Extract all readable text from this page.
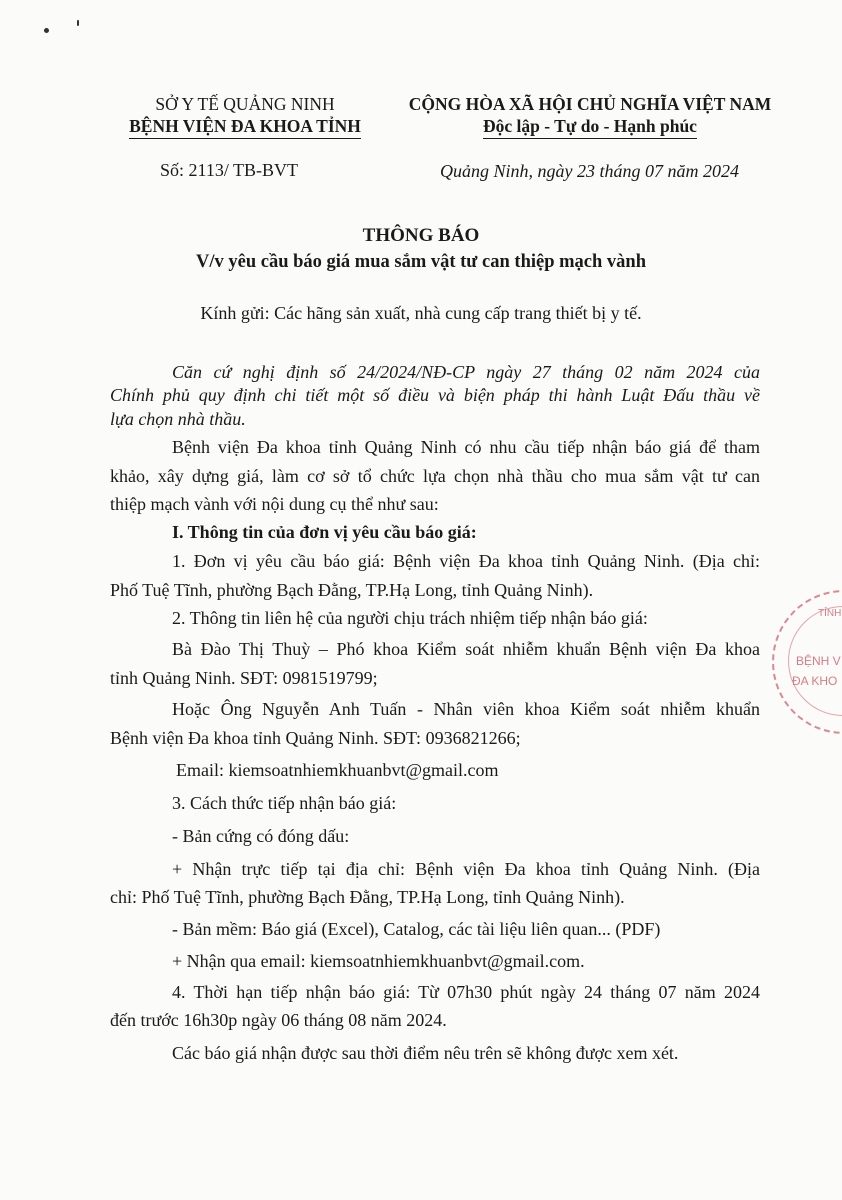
SỞ Y TẾ QUẢNG NINH
BỆNH VIỆN ĐA KHOA TỈNH
CỘNG HÒA XÃ HỘI CHỦ NGHĨA VIỆT NAM
Độc lập - Tự do - Hạnh phúc
Số: 2113/ TB-BVT	Quảng Ninh, ngày 23 tháng 07 năm 2024
THÔNG BÁO
V/v yêu cầu báo giá mua sắm vật tư can thiệp mạch vành
Kính gửi: Các hãng sản xuất, nhà cung cấp trang thiết bị y tế.
Căn cứ nghị định số 24/2024/NĐ-CP ngày 27 tháng 02 năm 2024 của
Chính phủ quy định chi tiết một số điều và biện pháp thi hành Luật Đấu thầu về
lựa chọn nhà thầu.
Bệnh viện Đa khoa tỉnh Quảng Ninh có nhu cầu tiếp nhận báo giá để tham
khảo, xây dựng giá, làm cơ sở tổ chức lựa chọn nhà thầu cho mua sắm vật tư can
thiệp mạch vành với nội dung cụ thể như sau:
I. Thông tin của đơn vị yêu cầu báo giá:
1. Đơn vị yêu cầu báo giá: Bệnh viện Đa khoa tỉnh Quảng Ninh. (Địa chỉ:
Phố Tuệ Tĩnh, phường Bạch Đằng, TP.Hạ Long, tỉnh Quảng Ninh).
2. Thông tin liên hệ của người chịu trách nhiệm tiếp nhận báo giá:
Bà Đào Thị Thuỳ – Phó khoa Kiểm soát nhiễm khuẩn Bệnh viện Đa khoa
tỉnh Quảng Ninh. SĐT: 0981519799;
Hoặc Ông Nguyễn Anh Tuấn - Nhân viên khoa Kiểm soát nhiễm khuẩn
Bệnh viện Đa khoa tỉnh Quảng Ninh. SĐT: 0936821266;
Email: kiemsoatnhiemkhuanbvt@gmail.com
3. Cách thức tiếp nhận báo giá:
- Bản cứng có đóng dấu:
+ Nhận trực tiếp tại địa chỉ: Bệnh viện Đa khoa tỉnh Quảng Ninh. (Địa
chỉ: Phố Tuệ Tĩnh, phường Bạch Đằng, TP.Hạ Long, tỉnh Quảng Ninh).
- Bản mềm: Báo giá (Excel), Catalog, các tài liệu liên quan... (PDF)
+ Nhận qua email: kiemsoatnhiemkhuanbvt@gmail.com.
4. Thời hạn tiếp nhận báo giá: Từ 07h30 phút ngày 24 tháng 07 năm 2024
đến trước 16h30p ngày 06 tháng 08 năm 2024.
Các báo giá nhận được sau thời điểm nêu trên sẽ không được xem xét.
TỈNH
BỆNH V
ĐA KHO
